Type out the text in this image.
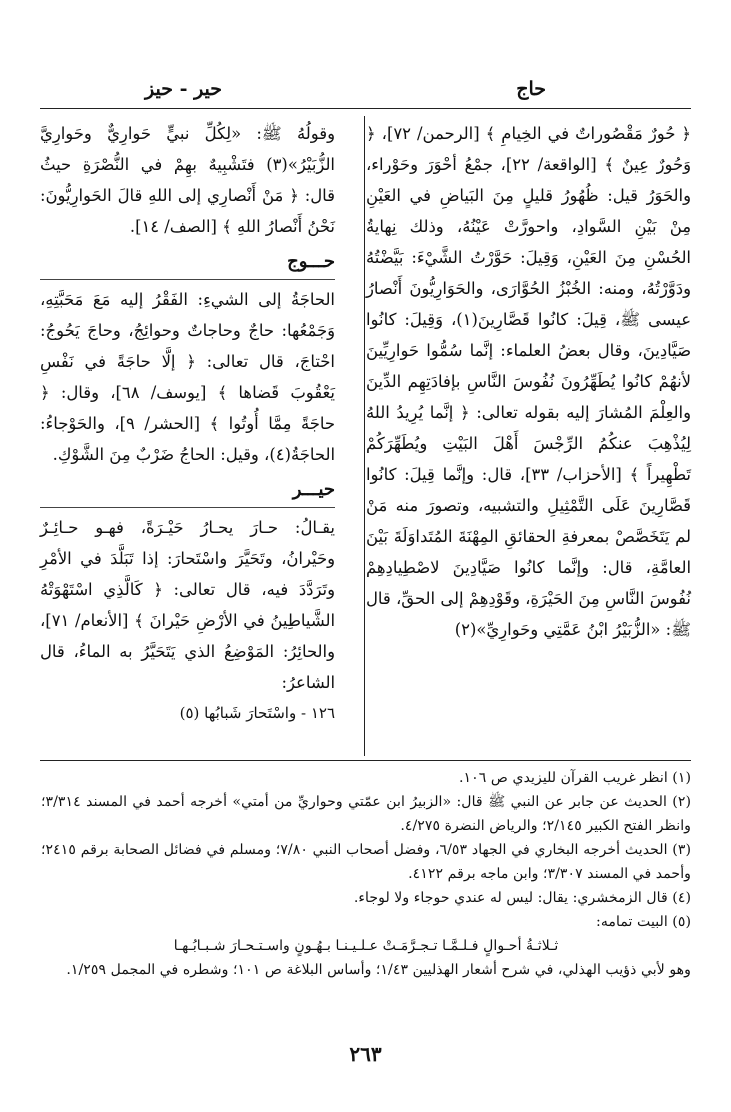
حاج
حير - حيز

﴿ حُورٌ مَقْصُوراتٌ في الخِيامِ ﴾ [الرحمن/ ٧٢]، ﴿ وَحُورٌ عِينٌ ﴾ [الواقعة/ ٢٢]، جمْعُ أحْوَرَ وحَوْراء، والحَوَرُ قيل: ظُهُورُ قليلٍ مِنَ البَياضِ في العَيْنِ مِنْ بَيْنِ السَّوادِ، واحورَّتْ عَيْنُهُ، وذلك نِهايةُ الحُسْنِ مِنَ العَيْنِ، وَقِيلَ: حَوَّرْتُ الشَّيْءَ: بَيَّضْتُهُ ودَوَّرْتُهُ، ومنه: الخُبْزُ الحُوَّارَى، والحَوَارِيُّونَ أَنْصارُ عيسى ﷺ، قِيلَ: كانُوا قَصَّارِينَ(١)، وَقِيلَ: كانُوا صَيَّادِينَ، وقال بعضُ العلماء: إنَّما سُمُّوا حَوارِيِّينَ لأنهُمْ كانُوا يُطَهِّرُونَ نُفُوسَ النَّاسِ بإفادَتِهِم الدِّينَ والعِلْمَ المُشارَ إليه بقوله تعالى: ﴿ إنَّما يُرِيدُ اللهُ لِيُذْهِبَ عنكُمُ الرِّجْسَ أَهْلَ البَيْتِ ويُطَهِّرَكُمْ تَطْهِيراً ﴾ [الأحزاب/ ٣٣]، قال: وإنَّما قِيلَ: كانُوا قَصَّارِينَ عَلَى التَّمْثِيلِ والتشبيه، وتصورَ منه مَنْ لم يَتَخَصَّصْ بمعرفةِ الحقائقِ المِهْنَةَ المُتَداوَلَةَ بَيْنَ العامَّةِ، قال: وإنَّما كانُوا صَيَّادِينَ لاصْطِيادِهِمْ نُفُوسَ النَّاسِ مِنَ الحَيْرَةِ، وقَوْدِهِمْ إلى الحقِّ، قال ﷺ: «الزُّبَيْرُ ابْنُ عَمَّتِي وحَوارِيِّ»(٢)

وقولُهُ ﷺ: «لِكُلِّ نبيٍّ حَوارِيٌّ وحَوارِيَّ الزُّبَيْرُ»(٣) فتَشْبِيهٌ بهِمْ في النُّصْرَةِ حيثُ قال: ﴿ مَنْ أَنْصارِي إلى اللهِ قالَ الحَوارِيُّونَ: نَحْنُ أَنْصارُ اللهِ ﴾ [الصف/ ١٤].

حـــوج

الحاجَةُ إلى الشيءِ: الفَقْرُ إليه مَعَ مَحَبَّتِهِ، وَجَمْعُها: حاجٌ وحاجاتٌ وحوائِجُ، وحاجَ يَحُوجُ: احْتاجَ، قال تعالى: ﴿ إلَّا حاجَةً في نَفْسِ يَعْقُوبَ قَضاها ﴾ [يوسف/ ٦٨]، وقال: ﴿ حاجَةً مِمَّا أُوتُوا ﴾ [الحشر/ ٩]، والحَوْجاءُ: الحاجَةُ(٤)، وقيل: الحاجُ ضَرْبٌ مِنَ الشَّوْكِ.

حيـــر

يقـالُ: حـارَ يحـارُ حَيْـرَةً، فهـو حـائِـرٌ وحَيْرانُ، وتَحَيَّرَ واسْتَحارَ: إذا تَبَلَّدَ في الأمْرِ وتَرَدَّدَ فيه، قال تعالى: ﴿ كَالَّذِي اسْتَهْوَتْهُ الشَّياطِينُ في الأرْضِ حَيْرانَ ﴾ [الأنعام/ ٧١]، والحائِرُ: المَوْضِعُ الذي يَتَحَيَّرُ به الماءُ، قال الشاعرُ:

١٢٦ - واسْتَحارَ شَبابُها (٥)

(١) انظر غريب القرآن لليزيدي ص ١٠٦.

(٢) الحديث عن جابر عن النبي ﷺ قال: «الزبيرُ ابن عمّتي وحواريِّ من أمتي» أخرجه أحمد في المسند ٣/٣١٤؛ وانظر الفتح الكبير ٢/١٤٥؛ والرياض النضرة ٤/٢٧٥.

(٣) الحديث أخرجه البخاري في الجهاد ٦/٥٣، وفضل أصحاب النبي ٧/٨٠؛ ومسلم في فضائل الصحابة برقم ٢٤١٥؛ وأحمد في المسند ٣/٣٠٧؛ وابن ماجه برقم ٤١٢٢.

(٤) قال الزمخشري: يقال: ليس له عندي حوجاء ولا لوجاء.

(٥) البيت تمامه:

ثـلاثـةُ أحـوالٍ فـلـمَّـا تـجـرَّمَـتْ عـلـيـنـا بـهُـونٍ واسـتـحـارَ شـبـابُـهـا

وهو لأبي ذؤيب الهذلي، في شرح أشعار الهذليين ١/٤٣؛ وأساس البلاغة ص ١٠١؛ وشطره في المجمل ١/٢٥٩.

٢٦٣
